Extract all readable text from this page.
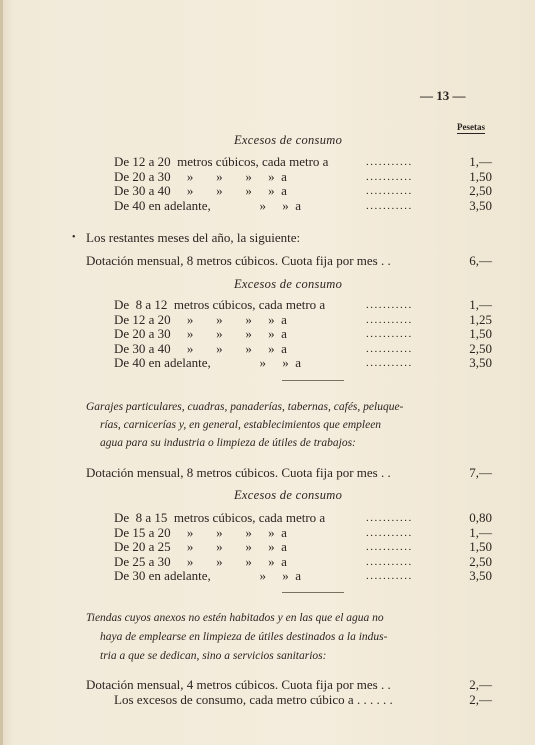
— 13 —
Pesetas
Excesos de consumo
De 12 a 20  metros cúbicos, cada metro a	...........	1,—
De 20 a 30     »       »       »     »  a	...........	1,50
De 30 a 40     »       »       »     »  a	...........	2,50
De 40 en adelante,               »     »  a	...........	3,50
• Los restantes meses del año, la siguiente:
Dotación mensual, 8 metros cúbicos. Cuota fija por mes . .	6,—
Excesos de consumo
De  8 a 12  metros cúbicos, cada metro a	...........	1,—
De 12 a 20     »       »       »     »  a	...........	1,25
De 20 a 30     »       »       »     »  a	...........	1,50
De 30 a 40     »       »       »     »  a	...........	2,50
De 40 en adelante,               »     »  a	...........	3,50
Garajes particulares, cuadras, panaderías, tabernas, cafés, peluque-
rías, carnicerías y, en general, establecimientos que empleen
agua para su industria o limpieza de útiles de trabajos:
Dotación mensual, 8 metros cúbicos. Cuota fija por mes . .	7,—
Excesos de consumo
De  8 a 15  metros cúbicos, cada metro a	...........	0,80
De 15 a 20     »       »       »     »  a	...........	1,—
De 20 a 25     »       »       »     »  a	...........	1,50
De 25 a 30     »       »       »     »  a	...........	2,50
De 30 en adelante,               »     »  a	...........	3,50
Tiendas cuyos anexos no estén habitados y en las que el agua no
haya de emplearse en limpieza de útiles destinados a la indus-
tria a que se dedican, sino a servicios sanitarios:
Dotación mensual, 4 metros cúbicos. Cuota fija por mes . .	2,—
Los excesos de consumo, cada metro cúbico a . . . . . .	2,—
